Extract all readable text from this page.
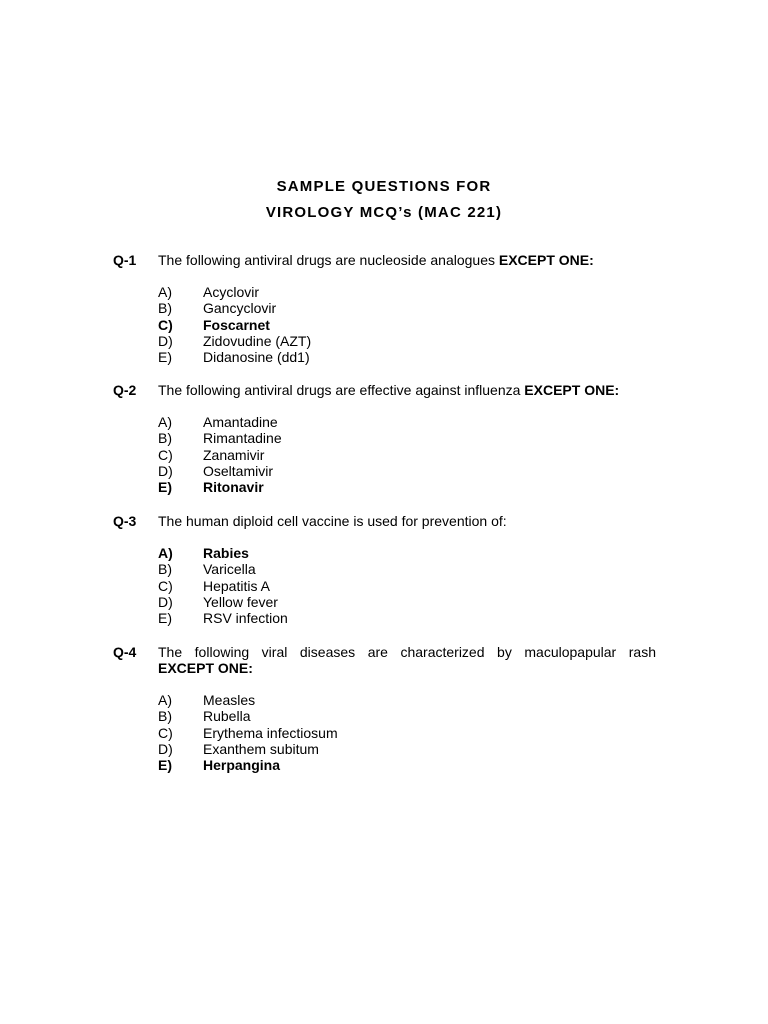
SAMPLE QUESTIONS FOR
VIROLOGY MCQ’s (MAC 221)
Q-1 The following antiviral drugs are nucleoside analogues EXCEPT ONE:
A) Acyclovir
B) Gancyclovir
C) Foscarnet
D) Zidovudine (AZT)
E) Didanosine (dd1)
Q-2 The following antiviral drugs are effective against influenza EXCEPT ONE:
A) Amantadine
B) Rimantadine
C) Zanamivir
D) Oseltamivir
E) Ritonavir
Q-3 The human diploid cell vaccine is used for prevention of:
A) Rabies
B) Varicella
C) Hepatitis A
D) Yellow fever
E) RSV infection
Q-4 The following viral diseases are characterized by maculopapular rash
EXCEPT ONE:
A) Measles
B) Rubella
C) Erythema infectiosum
D) Exanthem subitum
E) Herpangina
